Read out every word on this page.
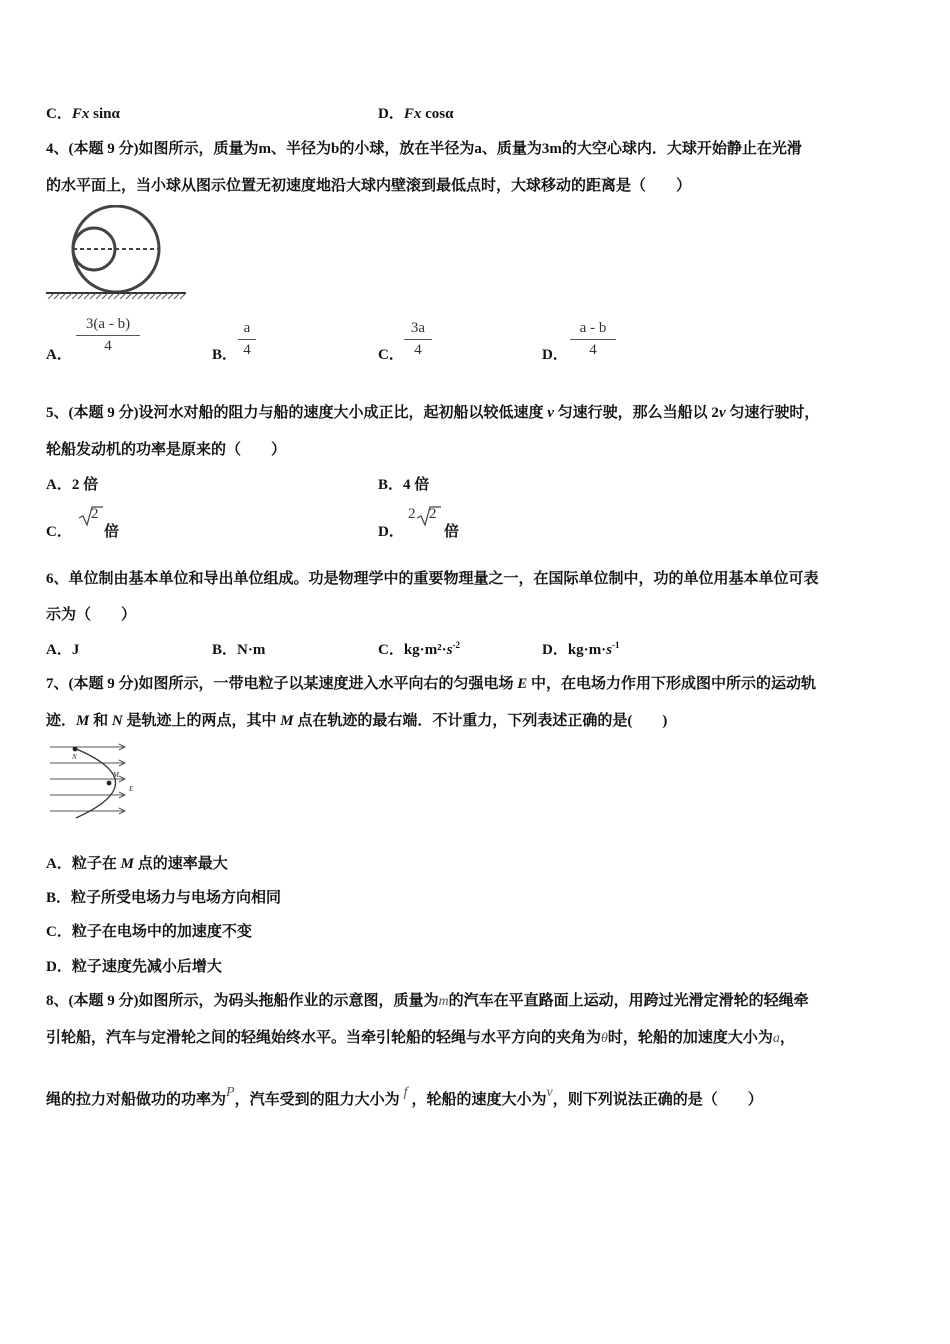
C．Fx sinα	D．Fx cosα
4、(本题 9 分)如图所示，质量为m、半径为b的小球，放在半径为a、质量为3m的大空心球内．大球开始静止在光滑
的水平面上，当小球从图示位置无初速度地沿大球内壁滚到最低点时，大球移动的距离是（　　）
A．
3(a - b)
4
B．
a
4	C．
3a
4	D．
a - b
4
5、(本题 9 分)设河水对船的阻力与船的速度大小成正比，起初船以较低速度 v 匀速行驶，那么当船以 2v 匀速行驶时，
轮船发动机的功率是原来的（　　）
A．2 倍	B．4 倍
C．
2
倍	D．
2 2
倍
6、单位制由基本单位和导出单位组成。功是物理学中的重要物理量之一，在国际单位制中，功的单位用基本单位可表
示为（　　）
A．J	B．N·m	C．$kg\cdot m^2\cdot s^{-2}$	D．$kg\cdot m\cdot s^{-1}$
7、(本题 9 分)如图所示，一带电粒子以某速度进入水平向右的匀强电场 E 中，在电场力作用下形成图中所示的运动轨
迹．M 和 N 是轨迹上的两点，其中 M 点在轨迹的最右端．不计重力，下列表述正确的是(　　)
N
M
E
A．粒子在 M 点的速率最大
B．粒子所受电场力与电场方向相同
C．粒子在电场中的加速度不变
D．粒子速度先减小后增大
8、(本题 9 分)如图所示，为码头拖船作业的示意图，质量为m的汽车在平直路面上运动，用跨过光滑定滑轮的轻绳牵
引轮船，汽车与定滑轮之间的轻绳始终水平。当牵引轮船的轻绳与水平方向的夹角为θ时，轮船的加速度大小为a，
绳的拉力对船做功的功率为P，汽车受到的阻力大小为 f ，轮船的速度大小为v，则下列说法正确的是（　　）
